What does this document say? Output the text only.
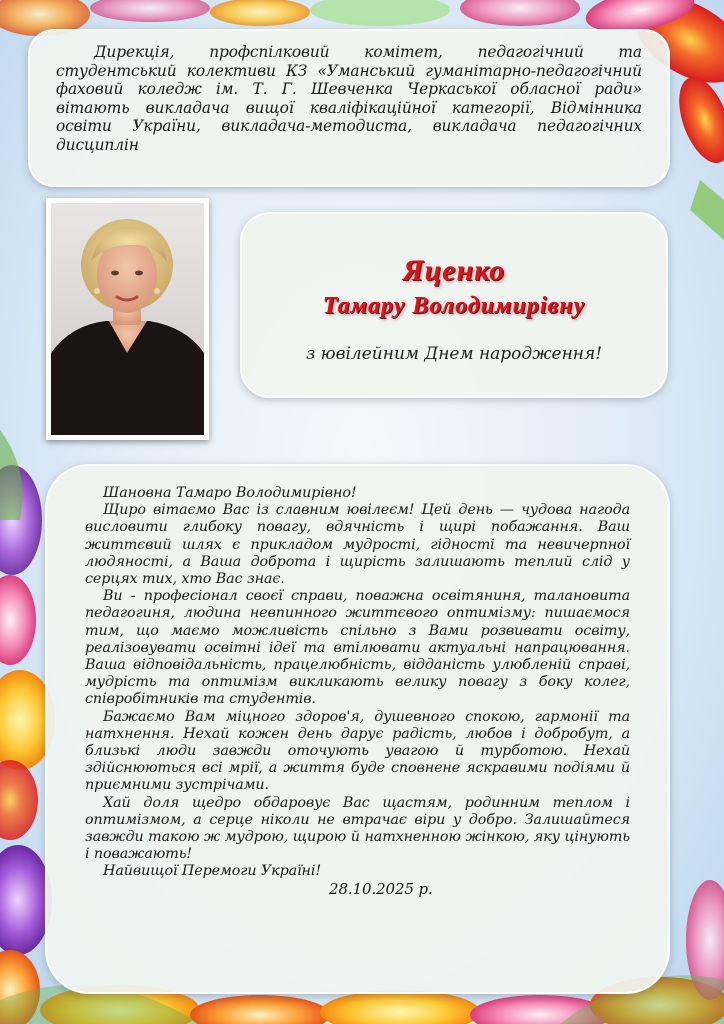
Дирекція, профспілковий комітет, педагогічний та студентський колективи КЗ «Уманський гуманітарно-педагогічний фаховий коледж ім. Т. Г. Шевченка Черкаської обласної ради» вітають викладача вищої кваліфікаційної категорії, Відмінника освіти України, викладача-методиста, викладача педагогічних дисциплін

Яценко
Тамару Володимирівну
з ювілейним Днем народження!

Шановна Тамаро Володимирівно!

Щиро вітаємо Вас із славним ювілеєм! Цей день — чудова нагода висловити глибоку повагу, вдячність і щирі побажання. Ваш життєвий шлях є прикладом мудрості, гідності та невичерпної людяності, а Ваша доброта і щирість залишають теплий слід у серцях тих, хто Вас знає.

Ви - професіонал своєї справи, поважна освітяниня, талановита педагогиня, людина невпинного життєвого оптимізму: пишаємося тим, що маємо можливість спільно з Вами розвивати освіту, реалізовувати освітні ідеї та втілювати актуальні напрацювання. Ваша відповідальність, працелюбність, відданість улюбленій справі, мудрість та оптимізм викликають велику повагу з боку колег, співробітників та студентів.

Бажаємо Вам міцного здоров'я, душевного спокою, гармонії та натхнення. Нехай кожен день дарує радість, любов і добробут, а близькі люди завжди оточують увагою й турботою. Нехай здійснюються всі мрії, а життя буде сповнене яскравими подіями й приємними зустрічами.

Хай доля щедро обдаровує Вас щастям, родинним теплом і оптимізмом, а серце ніколи не втрачає віри у добро. Залишайтеся завжди такою ж мудрою, щирою й натхненною жінкою, яку цінують і поважають!

Найвищої Перемоги Україні!

28.10.2025 р.
